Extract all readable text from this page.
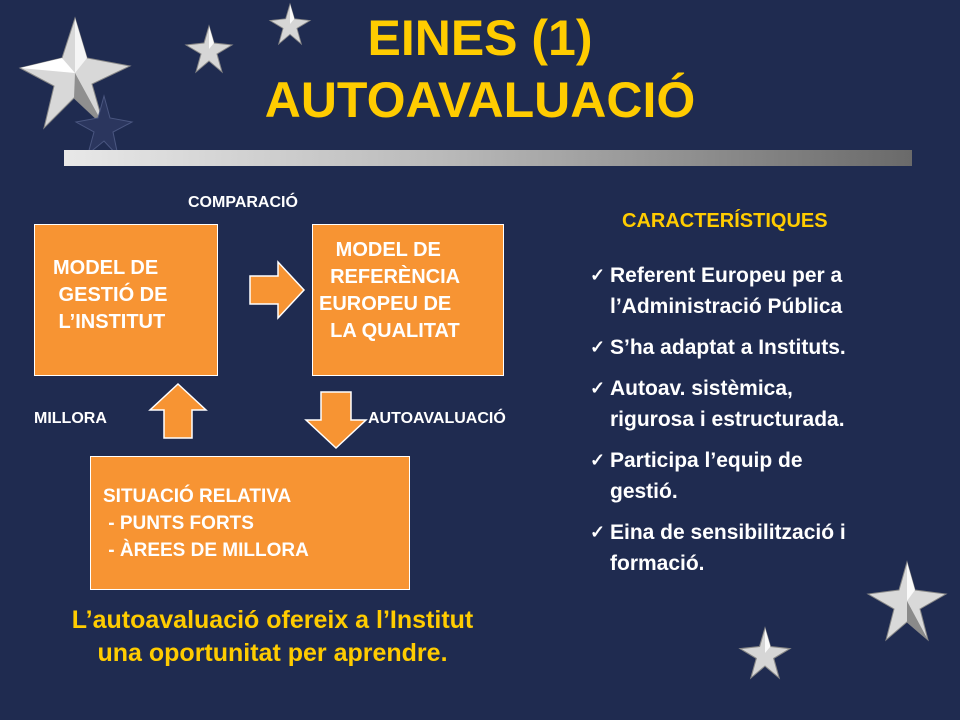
EINES (1)
AUTOAVALUACIÓ
COMPARACIÓ
MODEL DE
GESTIÓ DE
L’INSTITUT
MODEL DE
REFERÈNCIA
EUROPEU DE
LA QUALITAT
MILLORA	AUTOAVALUACIÓ
SITUACIÓ RELATIVA
- PUNTS FORTS
- ÀREES DE MILLORA
L’autoavaluació ofereix a l’Institut
una oportunitat per aprendre.
CARACTERÍSTIQUES
✓ Referent Europeu per a
l’Administració Pública
✓ S’ha adaptat a Instituts.
✓ Autoav. sistèmica,
rigurosa i estructurada.
✓ Participa l’equip de
gestió.
✓ Eina de sensibilització i
formació.
